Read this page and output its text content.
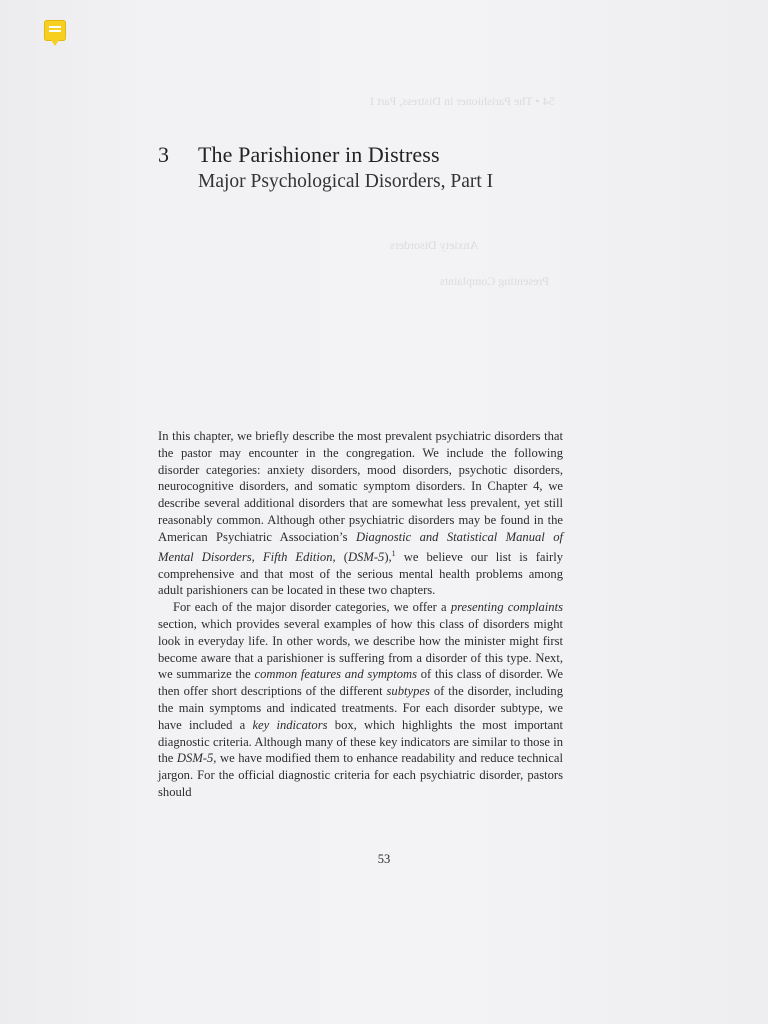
54 • The Parishioner in Distress, Part I
Anxiety Disorders
Presenting Complaints
3	The Parishioner in Distress
Major Psychological Disorders, Part I

In this chapter, we briefly describe the most prevalent psychiatric disorders that the pastor may encounter in the congregation. We include the following disorder categories: anxiety disorders, mood disorders, psychotic disorders, neurocognitive disorders, and somatic symptom disorders. In Chapter 4, we describe several additional disorders that are somewhat less prevalent, yet still reasonably common. Although other psychiatric disorders may be found in the American Psychiatric Association’s Diagnostic and Statistical Manual of Mental Disorders, Fifth Edition, (DSM-5),$^1$ we believe our list is fairly comprehensive and that most of the serious mental health problems among adult parishioners can be located in these two chapters.

For each of the major disorder categories, we offer a presenting complaints section, which provides several examples of how this class of disorders might look in everyday life. In other words, we describe how the minister might first become aware that a parishioner is suffering from a disorder of this type. Next, we summarize the common features and symptoms of this class of disorder. We then offer short descriptions of the different subtypes of the disorder, including the main symptoms and indicated treatments. For each disorder subtype, we have included a key indicators box, which highlights the most important diagnostic criteria. Although many of these key indicators are similar to those in the DSM-5, we have modified them to enhance readability and reduce technical jargon. For the official diagnostic criteria for each psychiatric disorder, pastors should

53
